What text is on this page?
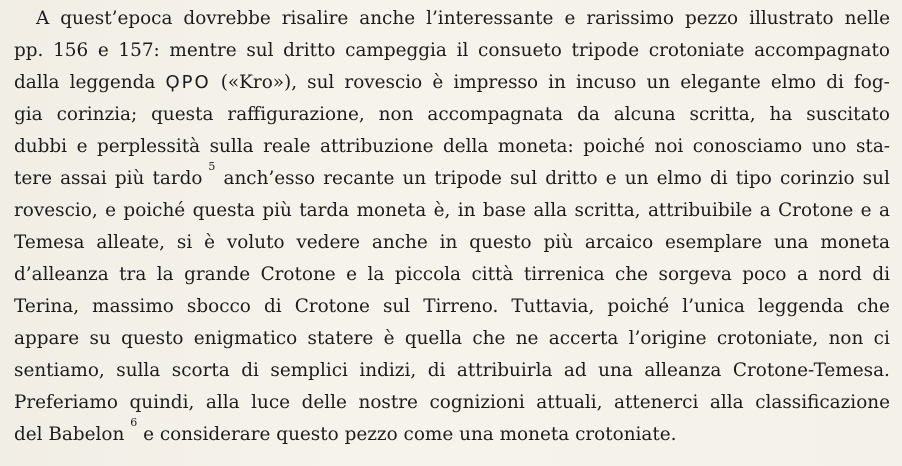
A quest’epoca dovrebbe risalire anche l’interessante e rarissimo pezzo illustrato nelle
pp. 156 e 157: mentre sul dritto campeggia il consueto tripode crotoniate accompagnato
dalla leggenda ϘPO («Kro»), sul rovescio è impresso in incuso un elegante elmo di fog-
gia corinzia; questa raffigurazione, non accompagnata da alcuna scritta, ha suscitato
dubbi e perplessità sulla reale attribuzione della moneta: poiché noi conosciamo uno sta-
tere assai più tardo $^5$
anch’esso recante un tripode sul dritto e un elmo di tipo corinzio sul
rovescio, e poiché questa più tarda moneta è, in base alla scritta, attribuibile a Crotone e a
Temesa alleate, si è voluto vedere anche in questo più arcaico esemplare una moneta
d’alleanza tra la grande Crotone e la piccola città tirrenica che sorgeva poco a nord di
Terina, massimo sbocco di Crotone sul Tirreno. Tuttavia, poiché l’unica leggenda che
appare su questo enigmatico statere è quella che ne accerta l’origine crotoniate, non ci
sentiamo, sulla scorta di semplici indizi, di attribuirla ad una alleanza Crotone-Temesa.
Preferiamo quindi, alla luce delle nostre cognizioni attuali, attenerci alla classificazione
del Babelon $^6$ e considerare questo pezzo come una moneta crotoniate.
